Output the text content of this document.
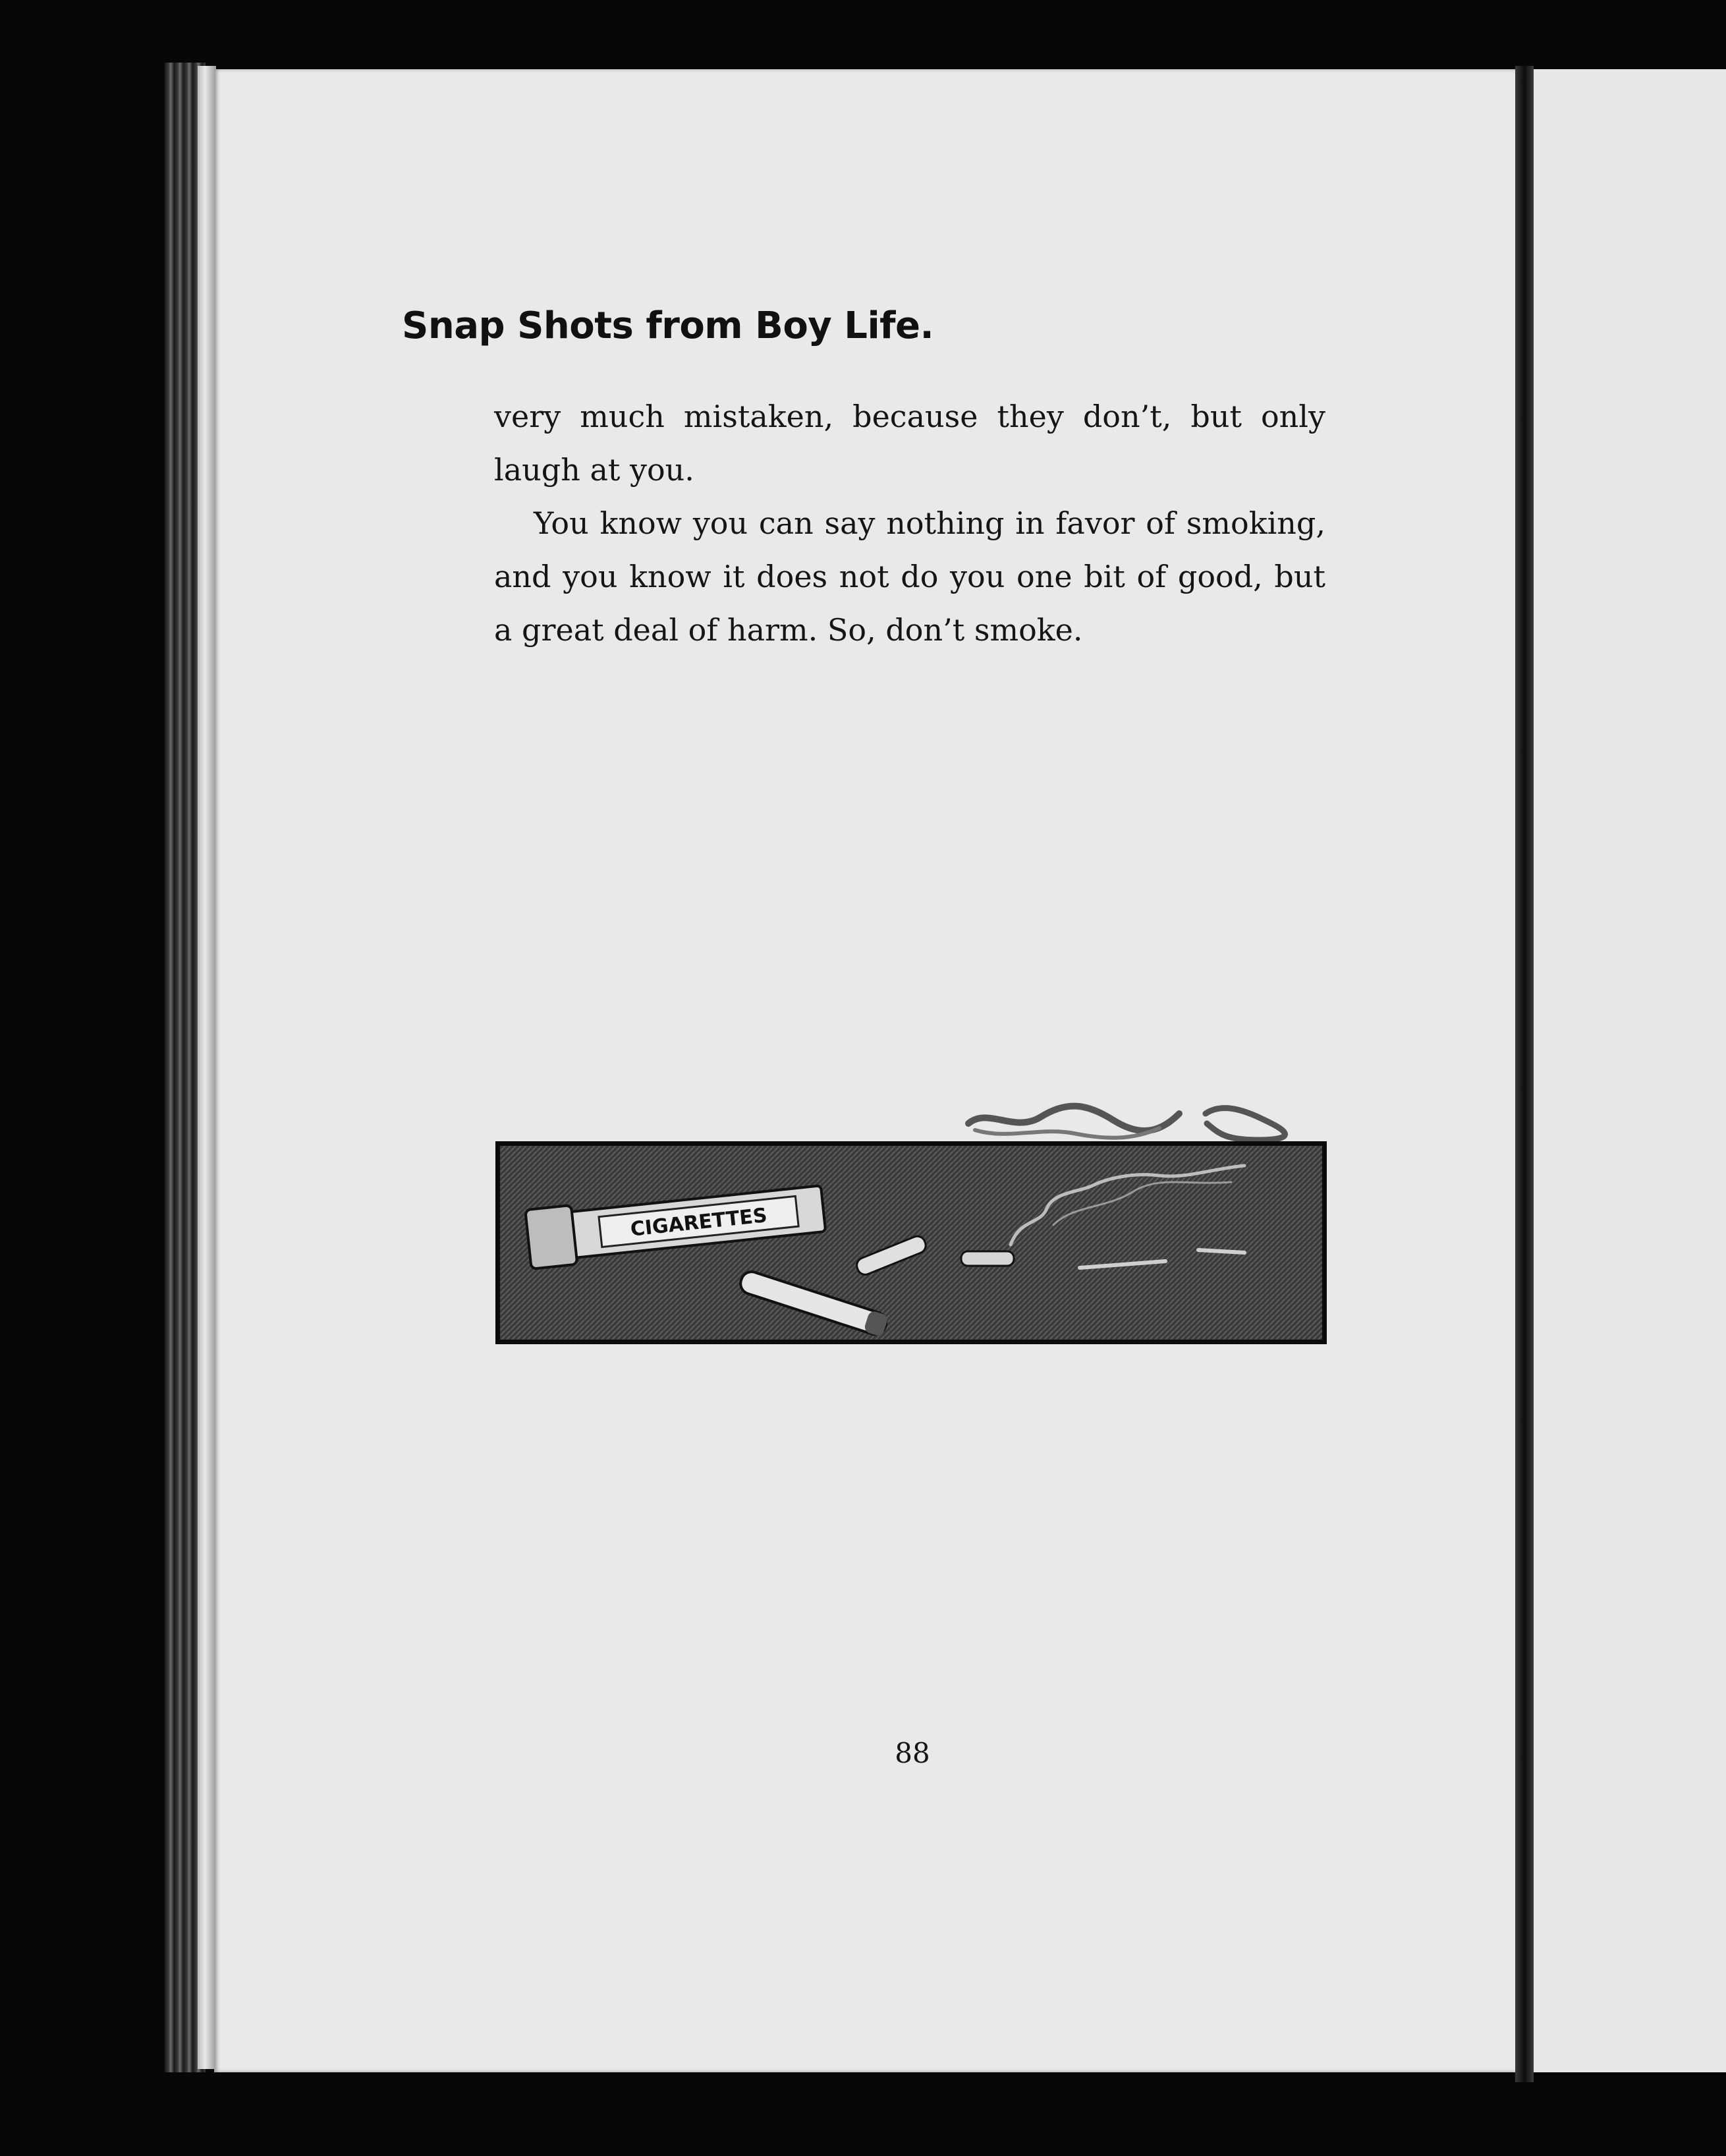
Snap Shots from Boy Life.

very much mistaken, because they don’t, but only laugh at you.

You know you can say nothing in favor of smoking, and you know it does not do you one bit of good, but a great deal of harm. So, don’t smoke.

CIGARETTES
88
